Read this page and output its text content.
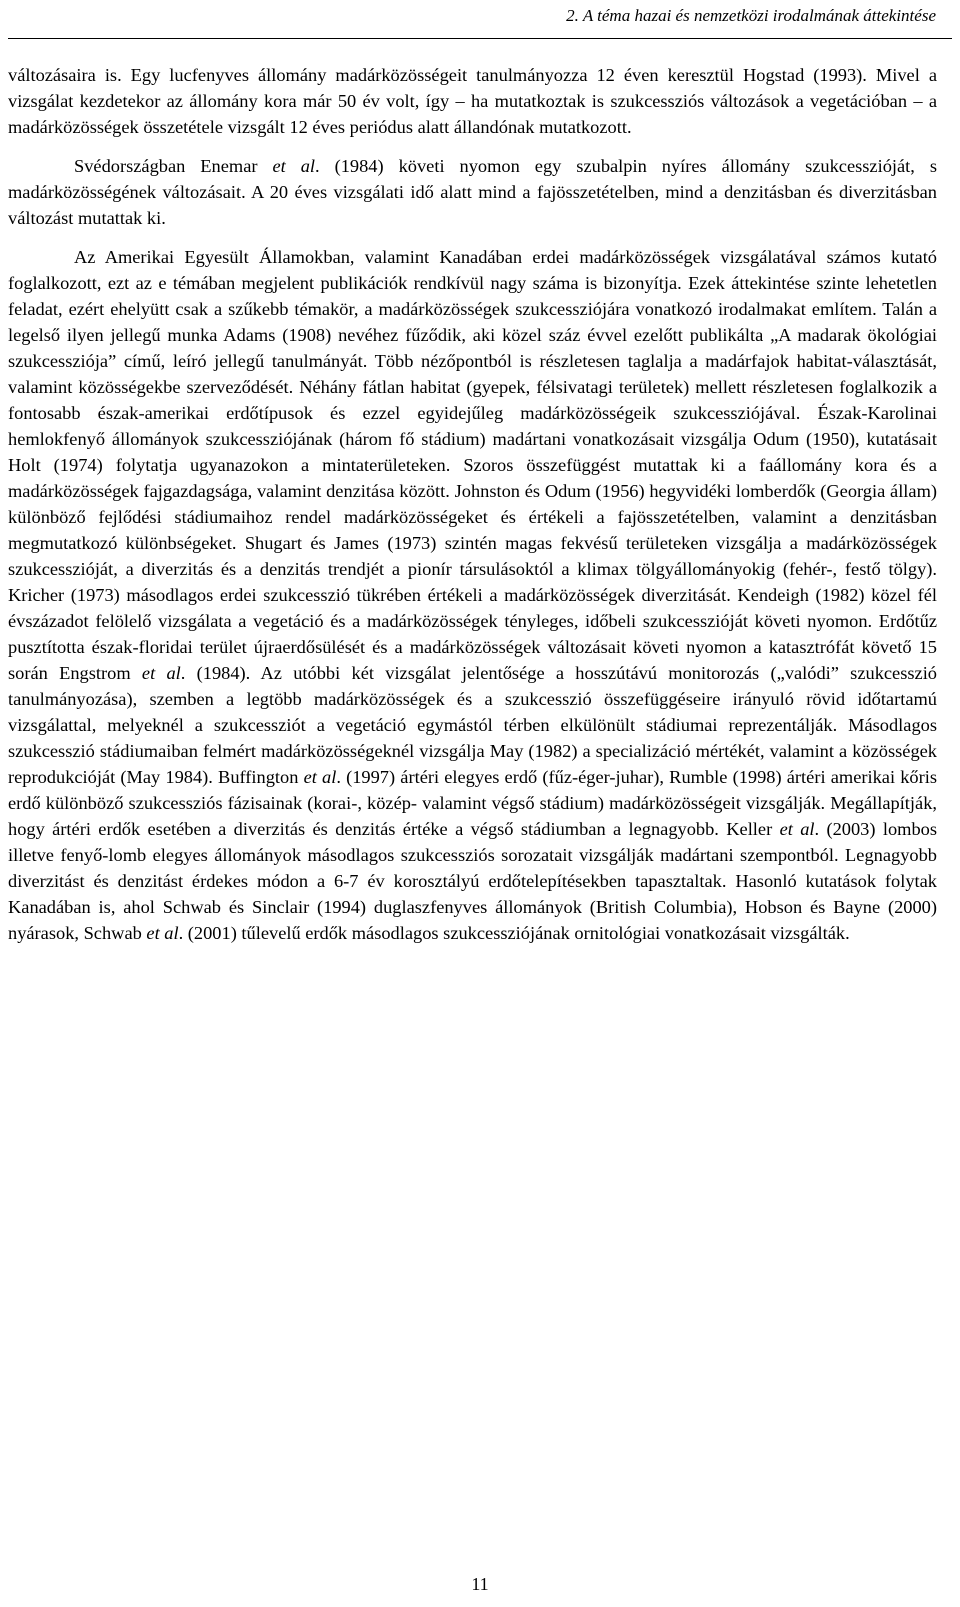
2. A téma hazai és nemzetközi irodalmának áttekintése

változásaira is. Egy lucfenyves állomány madárközösségeit tanulmányozza 12 éven keresztül Hogstad (1993). Mivel a vizsgálat kezdetekor az állomány kora már 50 év volt, így – ha mutatkoztak is szukcessziós változások a vegetációban – a madárközösségek összetétele vizsgált 12 éves periódus alatt állandónak mutatkozott.

Svédországban Enemar et al. (1984) követi nyomon egy szubalpin nyíres állomány szukcesszióját, s madárközösségének változásait. A 20 éves vizsgálati idő alatt mind a fajösszetételben, mind a denzitásban és diverzitásban változást mutattak ki.

Az Amerikai Egyesült Államokban, valamint Kanadában erdei madárközösségek vizsgálatával számos kutató foglalkozott, ezt az e témában megjelent publikációk rendkívül nagy száma is bizonyítja. Ezek áttekintése szinte lehetetlen feladat, ezért ehelyütt csak a szűkebb témakör, a madárközösségek szukcessziójára vonatkozó irodalmakat említem. Talán a legelső ilyen jellegű munka Adams (1908) nevéhez fűződik, aki közel száz évvel ezelőtt publikálta „A madarak ökológiai szukcessziója” című, leíró jellegű tanulmányát. Több nézőpontból is részletesen taglalja a madárfajok habitat-választását, valamint közösségekbe szerveződését. Néhány fátlan habitat (gyepek, félsivatagi területek) mellett részletesen foglalkozik a fontosabb észak-amerikai erdőtípusok és ezzel egyidejűleg madárközösségeik szukcessziójával. Észak-Karolinai hemlokfenyő állományok szukcessziójának (három fő stádium) madártani vonatkozásait vizsgálja Odum (1950), kutatásait Holt (1974) folytatja ugyanazokon a mintaterületeken. Szoros összefüggést mutattak ki a faállomány kora és a madárközösségek fajgazdagsága, valamint denzitása között. Johnston és Odum (1956) hegyvidéki lomberdők (Georgia állam) különböző fejlődési stádiumaihoz rendel madárközösségeket és értékeli a fajösszetételben, valamint a denzitásban megmutatkozó különbségeket. Shugart és James (1973) szintén magas fekvésű területeken vizsgálja a madárközösségek szukcesszióját, a diverzitás és a denzitás trendjét a pionír társulásoktól a klimax tölgyállományokig (fehér-, festő tölgy). Kricher (1973) másodlagos erdei szukcesszió tükrében értékeli a madárközösségek diverzitását. Kendeigh (1982) közel fél évszázadot felölelő vizsgálata a vegetáció és a madárközösségek tényleges, időbeli szukcesszióját követi nyomon. Erdőtűz pusztította észak-floridai terület újraerdősülését és a madárközösségek változásait követi nyomon a katasztrófát követő 15 során Engstrom et al. (1984). Az utóbbi két vizsgálat jelentősége a hosszútávú monitorozás („valódi” szukcesszió tanulmányozása), szemben a legtöbb madárközösségek és a szukcesszió összefüggéseire irányuló rövid időtartamú vizsgálattal, melyeknél a szukcessziót a vegetáció egymástól térben elkülönült stádiumai reprezentálják. Másodlagos szukcesszió stádiumaiban felmért madárközösségeknél vizsgálja May (1982) a specializáció mértékét, valamint a közösségek reprodukcióját (May 1984). Buffington et al. (1997) ártéri elegyes erdő (fűz-éger-juhar), Rumble (1998) ártéri amerikai kőris erdő különböző szukcessziós fázisainak (korai-, közép- valamint végső stádium) madárközösségeit vizsgálják. Megállapítják, hogy ártéri erdők esetében a diverzitás és denzitás értéke a végső stádiumban a legnagyobb. Keller et al. (2003) lombos illetve fenyő-lomb elegyes állományok másodlagos szukcessziós sorozatait vizsgálják madártani szempontból. Legnagyobb diverzitást és denzitást érdekes módon a 6-7 év korosztályú erdőtelepítésekben tapasztaltak. Hasonló kutatások folytak Kanadában is, ahol Schwab és Sinclair (1994) duglaszfenyves állományok (British Columbia), Hobson és Bayne (2000) nyárasok, Schwab et al. (2001) tűlevelű erdők másodlagos szukcessziójának ornitológiai vonatkozásait vizsgálták.

11
